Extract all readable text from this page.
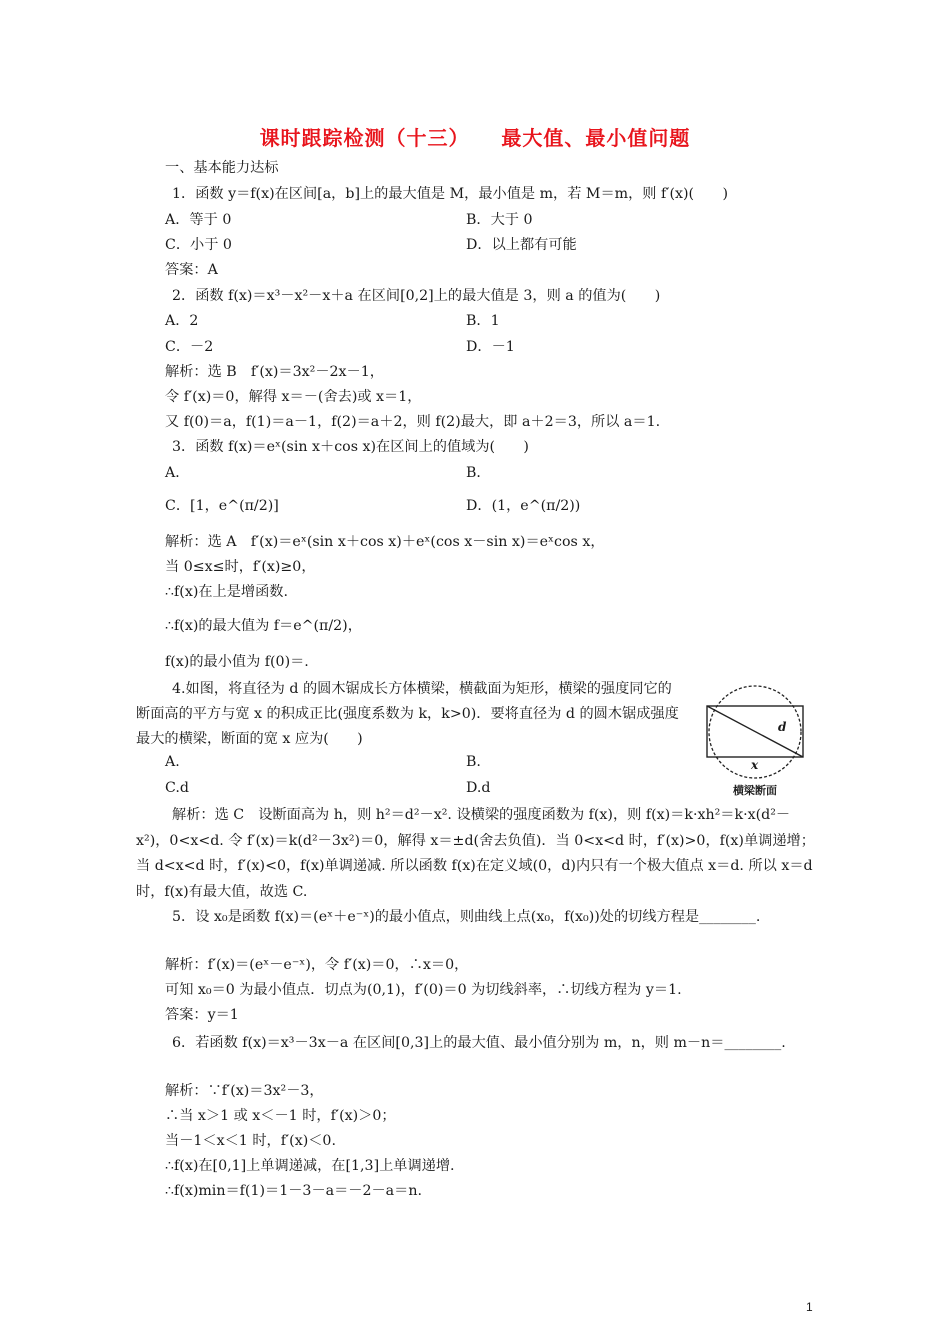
课时跟踪检测（十三）    最大值、最小值问题
一、基本能力达标
1．函数 y＝f(x)在区间[a，b]上的最大值是 M，最小值是 m，若 M＝m，则 f′(x)(　　)
A．等于 0	B．大于 0
C．小于 0	D．以上都有可能
答案：A
2．函数 f(x)＝x³－x²－x＋a 在区间[0,2]上的最大值是 3，则 a 的值为(　　)
A．2	B．1
C．－2	D．－1
解析：选 B　f′(x)＝3x²－2x－1，
令 f′(x)＝0，解得 x＝－(舍去)或 x＝1，
又 f(0)＝a，f(1)＝a－1，f(2)＝a＋2，则 f(2)最大，即 a＋2＝3，所以 a＝1.
3．函数 f(x)＝eˣ(sin x＋cos x)在区间上的值域为(　　)
A．	B．
C．[1，e^(π/2)]	D．(1，e^(π/2))
解析：选 A　f′(x)＝eˣ(sin x＋cos x)＋eˣ(cos x－sin x)＝eˣcos x，
当 0≤x≤时，f′(x)≥0，
∴f(x)在上是增函数.
∴f(x)的最大值为 f＝e^(π/2)，
f(x)的最小值为 f(0)＝.
4.如图，将直径为 d 的圆木锯成长方体横梁，横截面为矩形，横梁的强度同它的断面高的平方与宽 x 的积成正比(强度系数为 k，k>0)．要将直径为 d 的圆木锯成强度最大的横梁，断面的宽 x 应为(　　)
A.	B.
C.d	D.d
d
x
横梁断面
解析：选 C　设断面高为 h，则 h²＝d²－x². 设横梁的强度函数为 f(x)，则 f(x)＝k·xh²＝k·x(d²－x²)，0<x<d. 令 f′(x)＝k(d²－3x²)＝0，解得 x＝±d(舍去负值)．当 0<x<d 时，f′(x)>0，f(x)单调递增；当 d<x<d 时，f′(x)<0，f(x)单调递减. 所以函数 f(x)在定义域(0，d)内只有一个极大值点 x＝d. 所以 x＝d 时，f(x)有最大值，故选 C.
5．设 x₀是函数 f(x)＝(eˣ＋e⁻ˣ)的最小值点，则曲线上点(x₀，f(x₀))处的切线方程是________.
解析：f′(x)＝(eˣ－e⁻ˣ)，令 f′(x)＝0，∴x＝0，
可知 x₀＝0 为最小值点．切点为(0,1)，f′(0)＝0 为切线斜率，∴切线方程为 y＝1.
答案：y＝1
6．若函数 f(x)＝x³－3x－a 在区间[0,3]上的最大值、最小值分别为 m，n，则 m－n＝________.
解析：∵f′(x)＝3x²－3，
∴当 x＞1 或 x＜－1 时，f′(x)＞0；
当－1＜x＜1 时，f′(x)＜0.
∴f(x)在[0,1]上单调递减，在[1,3]上单调递增.
∴f(x)min＝f(1)＝1－3－a＝－2－a＝n.
1
